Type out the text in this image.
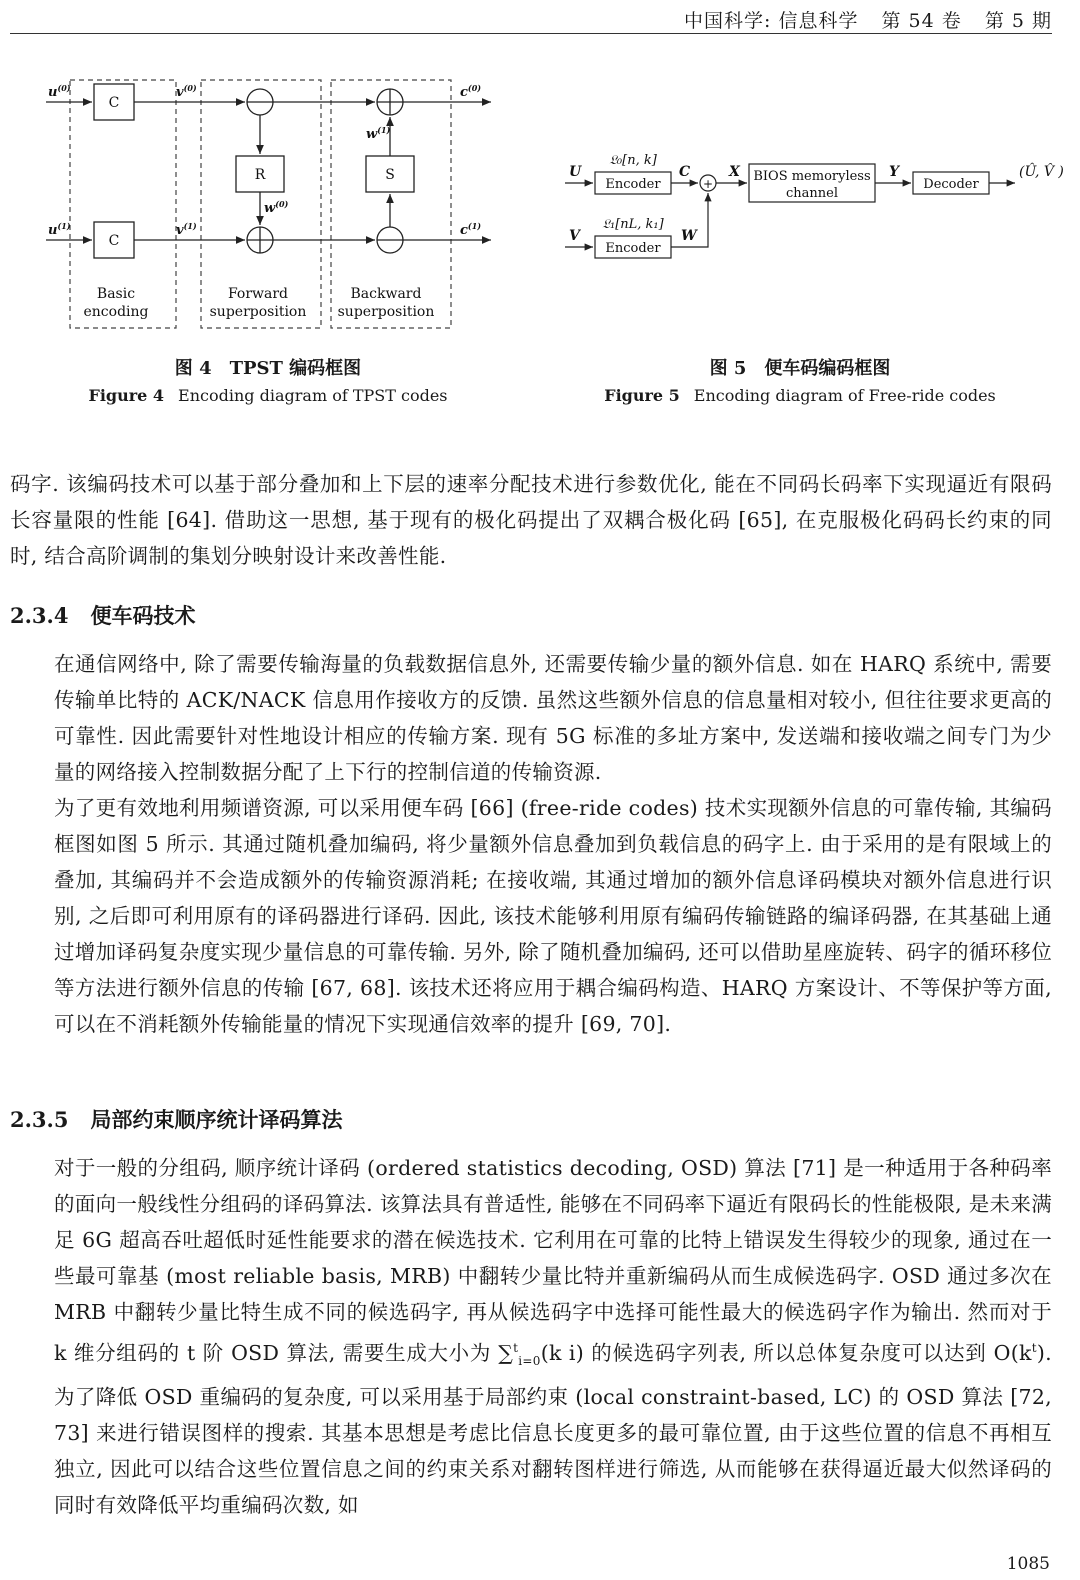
中国科学: 信息科学 第 54 卷 第 5 期
$u^{(0)}$
$u^{(1)}$
$v^{(0)}$
$v^{(1)}$
$c^{(0)}$
$c^{(1)}$
$w^{(0)}$
$w^{(1)}$
C
C
R	S
Basic
encoding
Forward
superposition
Backward
superposition
U
V
C	X	Y
W
𝔏₀[n, k]
𝔏₁[nL, k₁]
Encoder
Encoder
BIOS memoryless
channel
Decoder
+
(Û, V̂ )
图 4　TPST 编码框图
Figure 4 Encoding diagram of TPST codes
图 5　便车码编码框图
Figure 5 Encoding diagram of Free-ride codes
码字. 该编码技术可以基于部分叠加和上下层的速率分配技术进行参数优化, 能在不同码长码率下实现逼近有限码长容量限的性能 [64]. 借助这一思想, 基于现有的极化码提出了双耦合极化码 [65], 在克服极化码码长约束的同时, 结合高阶调制的集划分映射设计来改善性能.
2.3.4 便车码技术
在通信网络中, 除了需要传输海量的负载数据信息外, 还需要传输少量的额外信息. 如在 HARQ 系统中, 需要传输单比特的 ACK/NACK 信息用作接收方的反馈. 虽然这些额外信息的信息量相对较小, 但往往要求更高的可靠性. 因此需要针对性地设计相应的传输方案. 现有 5G 标准的多址方案中, 发送端和接收端之间专门为少量的网络接入控制数据分配了上下行的控制信道的传输资源.
为了更有效地利用频谱资源, 可以采用便车码 [66] (free-ride codes) 技术实现额外信息的可靠传输, 其编码框图如图 5 所示. 其通过随机叠加编码, 将少量额外信息叠加到负载信息的码字上. 由于采用的是有限域上的叠加, 其编码并不会造成额外的传输资源消耗; 在接收端, 其通过增加的额外信息译码模块对额外信息进行识别, 之后即可利用原有的译码器进行译码. 因此, 该技术能够利用原有编码传输链路的编译码器, 在其基础上通过增加译码复杂度实现少量信息的可靠传输. 另外, 除了随机叠加编码, 还可以借助星座旋转、码字的循环移位等方法进行额外信息的传输 [67, 68]. 该技术还将应用于耦合编码构造、HARQ 方案设计、不等保护等方面, 可以在不消耗额外传输能量的情况下实现通信效率的提升 [69, 70].
2.3.5 局部约束顺序统计译码算法
对于一般的分组码, 顺序统计译码 (ordered statistics decoding, OSD) 算法 [71] 是一种适用于各种码率的面向一般线性分组码的译码算法. 该算法具有普适性, 能够在不同码率下逼近有限码长的性能极限, 是未来满足 6G 超高吞吐超低时延性能要求的潜在候选技术. 它利用在可靠的比特上错误发生得较少的现象, 通过在一些最可靠基 (most reliable basis, MRB) 中翻转少量比特并重新编码从而生成候选码字. OSD 通过多次在 MRB 中翻转少量比特生成不同的候选码字, 再从候选码字中选择可能性最大的候选码字作为输出. 然而对于 k 维分组码的 t 阶 OSD 算法, 需要生成大小为 ∑$^t_{i=0}$(k i) 的候选码字列表, 所以总体复杂度可以达到 $O(k^t)$. 为了降低 OSD 重编码的复杂度, 可以采用基于局部约束 (local constraint-based, LC) 的 OSD 算法 [72, 73] 来进行错误图样的搜索. 其基本思想是考虑比信息长度更多的最可靠位置, 由于这些位置的信息不再相互独立, 因此可以结合这些位置信息之间的约束关系对翻转图样进行筛选, 从而能够在获得逼近最大似然译码的同时有效降低平均重编码次数, 如
1085
